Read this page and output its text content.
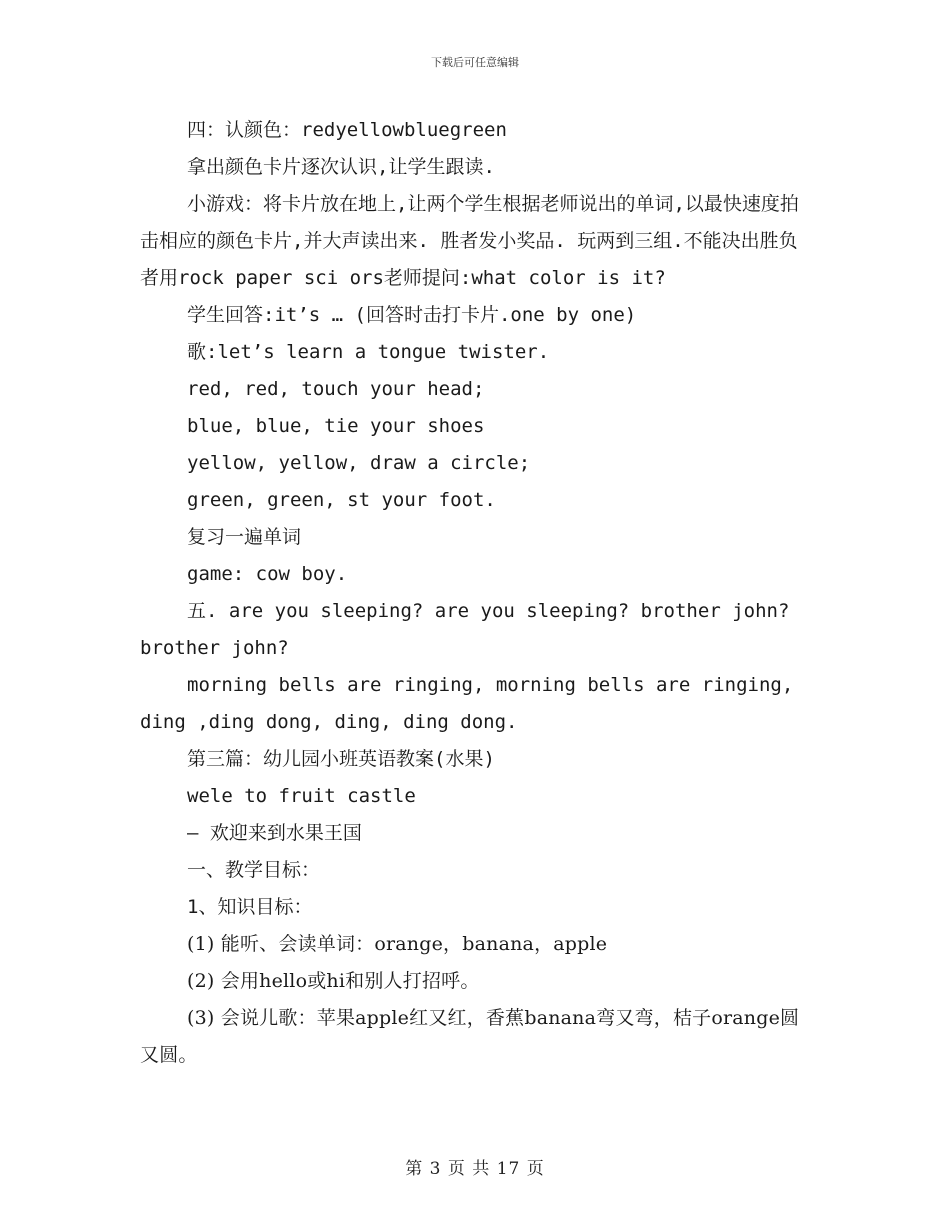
下载后可任意编辑

四：认颜色：redyellowbluegreen

拿出颜色卡片逐次认识,让学生跟读.

小游戏：将卡片放在地上,让两个学生根据老师说出的单词,以最快速度拍击相应的颜色卡片,并大声读出来. 胜者发小奖品. 玩两到三组.不能决出胜负者用rock paper sci ors老师提问:what color is it?

学生回答:it’s … (回答时击打卡片.one by one)

歌:let’s learn a tongue twister.

red, red, touch your head;

blue, blue, tie your shoes

yellow, yellow, draw a circle;

green, green, st your foot.

复习一遍单词

game: cow boy.

五. are you sleeping? are you sleeping? brother john? brother john?

morning bells are ringing, morning bells are ringing, ding ,ding dong, ding, ding dong.

第三篇：幼儿园小班英语教案(水果)

wele to fruit castle

— 欢迎来到水果王国

一、教学目标：

1、知识目标：

(1) 能听、会读单词：orange，banana，apple

(2) 会用hello或hi和别人打招呼。

(3) 会说儿歌：苹果apple红又红，香蕉banana弯又弯，桔子orange圆又圆。

第 3 页 共 17 页
